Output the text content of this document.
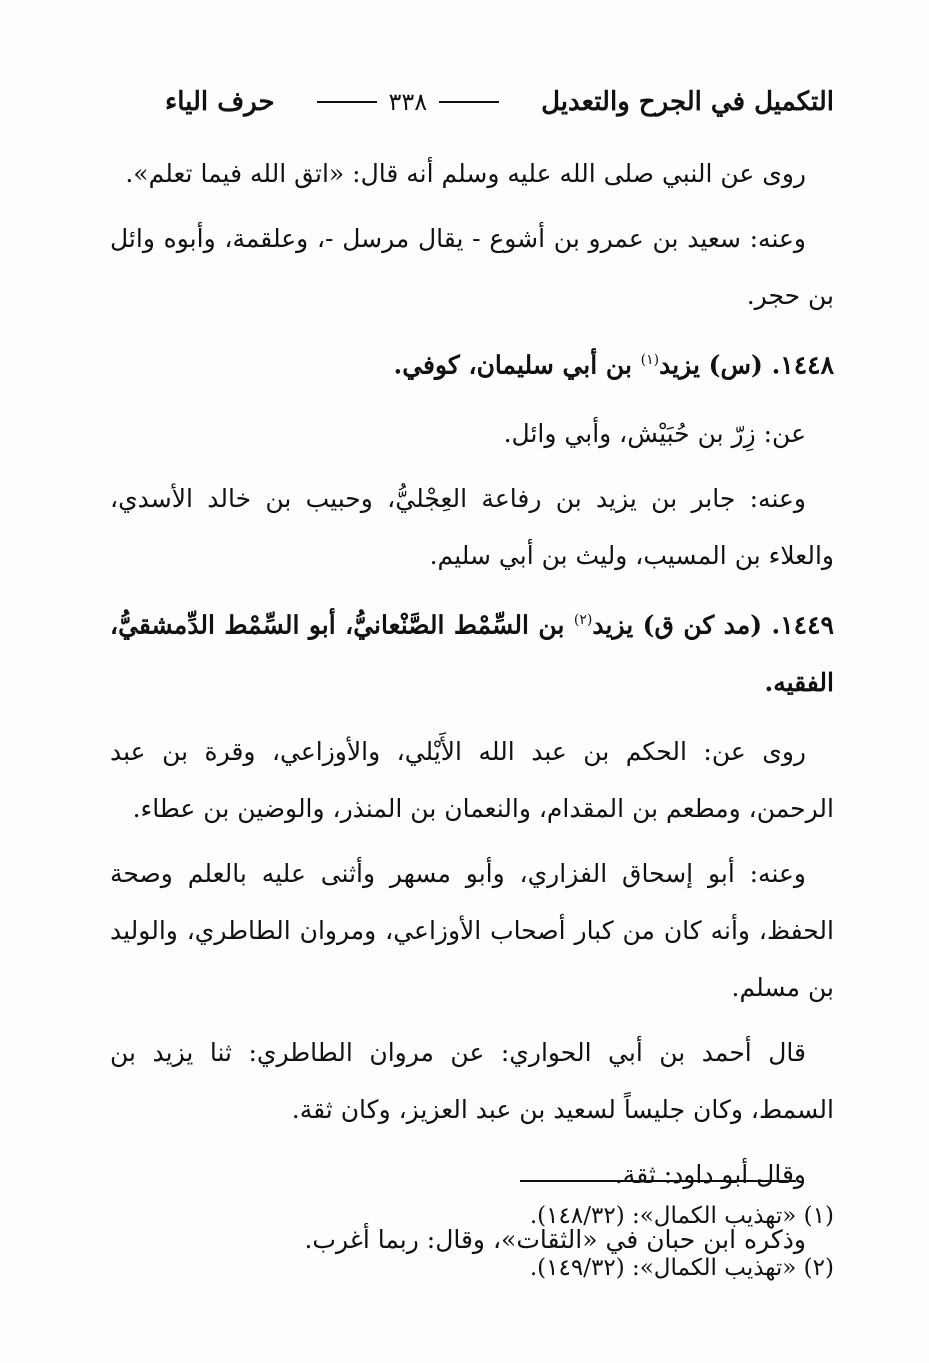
التكميل في الجرح والتعديل
٣٣٨
حرف الياء

روى عن النبي صلى الله عليه وسلم أنه قال: «اتق الله فيما تعلم».

وعنه: سعيد بن عمرو بن أشوع - يقال مرسل -، وعلقمة، وأبوه وائل بن حجر.

١٤٤٨. (س) يزيد$^{(١)}$ بن أبي سليمان، كوفي.

عن: زِرّ بن حُبَيْش، وأبي وائل.

وعنه: جابر بن يزيد بن رفاعة العِجْليُّ، وحبيب بن خالد الأسدي، والعلاء بن المسيب، وليث بن أبي سليم.

١٤٤٩. (مد كن ق) يزيد$^{(٢)}$ بن السِّمْط الصَّنْعانيُّ، أبو السِّمْط الدِّمشقيُّ، الفقيه.

روى عن: الحكم بن عبد الله الأَيْلي، والأوزاعي، وقرة بن عبد الرحمن، ومطعم بن المقدام، والنعمان بن المنذر، والوضين بن عطاء.

وعنه: أبو إسحاق الفزاري، وأبو مسهر وأثنى عليه بالعلم وصحة الحفظ، وأنه كان من كبار أصحاب الأوزاعي، ومروان الطاطري، والوليد بن مسلم.

قال أحمد بن أبي الحواري: عن مروان الطاطري: ثنا يزيد بن السمط، وكان جليساً لسعيد بن عبد العزيز، وكان ثقة.

وقال أبو داود: ثقة.

وذكره ابن حبان في «الثقات»، وقال: ربما أغرب.

(١) «تهذيب الكمال»: (١٤٨/٣٢).

(٢) «تهذيب الكمال»: (١٤٩/٣٢).
